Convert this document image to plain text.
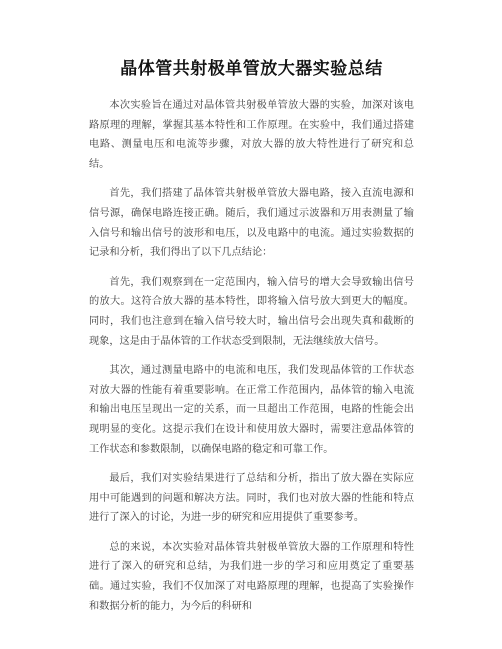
晶体管共射极单管放大器实验总结

本次实验旨在通过对晶体管共射极单管放大器的实验，加深对该电路原理的理解，掌握其基本特性和工作原理。在实验中，我们通过搭建电路、测量电压和电流等步骤，对放大器的放大特性进行了研究和总结。

首先，我们搭建了晶体管共射极单管放大器电路，接入直流电源和信号源，确保电路连接正确。随后，我们通过示波器和万用表测量了输入信号和输出信号的波形和电压，以及电路中的电流。通过实验数据的记录和分析，我们得出了以下几点结论：

首先，我们观察到在一定范围内，输入信号的增大会导致输出信号的放大。这符合放大器的基本特性，即将输入信号放大到更大的幅度。同时，我们也注意到在输入信号较大时，输出信号会出现失真和截断的现象，这是由于晶体管的工作状态受到限制，无法继续放大信号。

其次，通过测量电路中的电流和电压，我们发现晶体管的工作状态对放大器的性能有着重要影响。在正常工作范围内，晶体管的输入电流和输出电压呈现出一定的关系，而一旦超出工作范围，电路的性能会出现明显的变化。这提示我们在设计和使用放大器时，需要注意晶体管的工作状态和参数限制，以确保电路的稳定和可靠工作。

最后，我们对实验结果进行了总结和分析，指出了放大器在实际应用中可能遇到的问题和解决方法。同时，我们也对放大器的性能和特点进行了深入的讨论，为进一步的研究和应用提供了重要参考。

总的来说，本次实验对晶体管共射极单管放大器的工作原理和特性进行了深入的研究和总结，为我们进一步的学习和应用奠定了重要基础。通过实验，我们不仅加深了对电路原理的理解，也提高了实验操作和数据分析的能力，为今后的科研和
